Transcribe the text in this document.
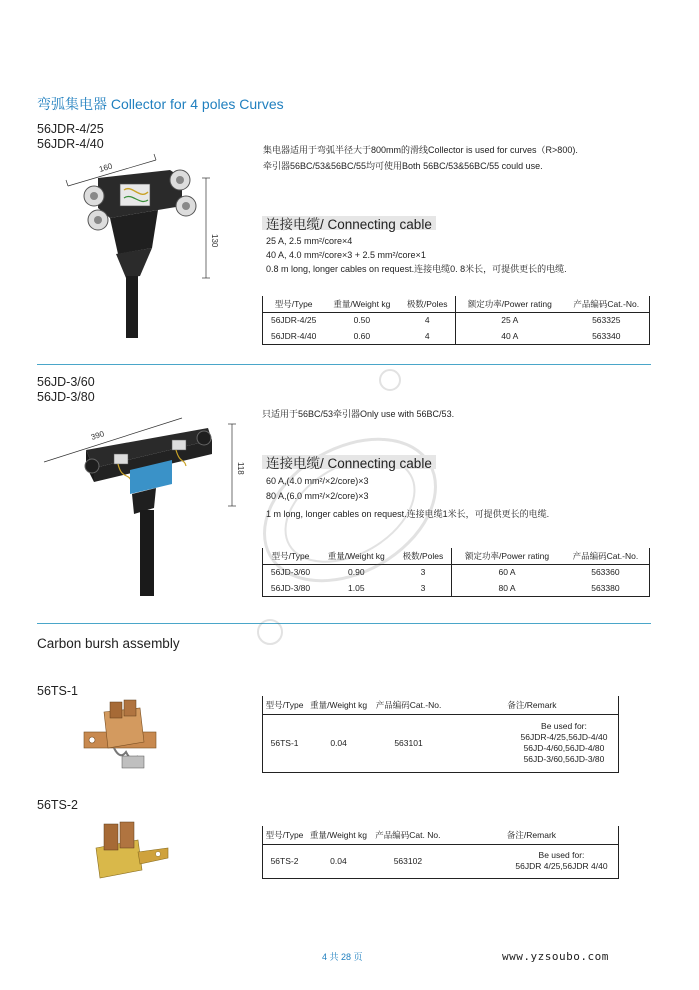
弯弧集电器 Collector for 4 poles Curves
56JDR-4/25
56JDR-4/40
160
130
集电器适用于弯弧半径大于800mm的滑线Collector is used for curves（R>800).
牵引器56BC/53&56BC/55均可使用Both 56BC/53&56BC/55 could use.
连接电缆/ Connecting cable
25 A, 2.5 mm²/core×4
40 A, 4.0 mm²/core×3 + 2.5 mm²/core×1
0.8 m long, longer cables on request.连接电缆0. 8米长，可提供更长的电缆.
型号/Type	重量/Weight kg	极数/Poles	额定功率/Power rating	产品编码Cat.-No.
56JDR-4/25	0.50	4	25 A	563325
56JDR-4/40	0.60	4	40 A	563340
56JD-3/60
56JD-3/80
390
118
只适用于56BC/53牵引器Only use with 56BC/53.
连接电缆/ Connecting cable
60 A,(4.0 mm²/×2/core)×3
80 A,(6.0 mm²/×2/core)×3
1 m long, longer cables on request.连接电缆1米长，可提供更长的电缆.
型号/Type	重量/Weight kg	极数/Poles	额定功率/Power rating	产品编码Cat.-No.
56JD-3/60	0.90	3	60 A	563360
56JD-3/80	1.05	3	80 A	563380
Carbon bursh assembly
56TS-1
型号/Type	重量/Weight kg	产品编码Cat.-No.	备注/Remark
56TS-1	0.04	563101	Be used for:
56JDR-4/25,56JD-4/40
56JD-4/60,56JD-4/80
56JD-3/60,56JD-3/80
56TS-2
型号/Type	重量/Weight kg	产品编码Cat. No.	备注/Remark
56TS-2	0.04	563102	Be used for:
56JDR 4/25,56JDR 4/40
4 共 28 页	www.yzsoubo.com
